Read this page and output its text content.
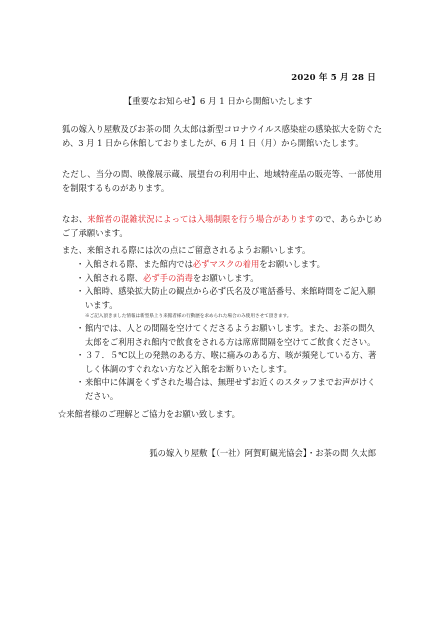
2020 年 5 月 28 日
【重要なお知らせ】6 月 1 日から開館いたします
狐の嫁入り屋敷及びお茶の間 久太郎は新型コロナウイルス感染症の感染拡大を防ぐため、3 月 1 日から休館しておりましたが、6 月 1 日（月）から開館いたします。
ただし、当分の間、映像展示蔵、展望台の利用中止、地域特産品の販売等、一部使用を制限するものがあります。
なお、来館者の混雑状況によっては入場制限を行う場合がありますので、あらかじめご了承願います。
また、来館される際には次の点にご留意されるようお願いします。
・ 入館される際、また館内では必ずマスクの着用をお願いします。
・ 入館される際、必ず手の消毒をお願いします。
・ 入館時、感染拡大防止の観点から必ず氏名及び電話番号、来館時間をご記入願います。
※ご記入頂きました情報は新型県上り来館者様の行動歴を求められた場合のみ使用させて頂きます。
・ 館内では、人との間隔を空けてくださるようお願いします。また、お茶の間久太郎をご利用され館内で飲食をされる方は席席間隔を空けてご飲食ください。
・ ３７．５℃以上の発熱のある方、喉に痛みのある方、咳が頻発している方、著しく体調のすぐれない方など入館をお断りいたします。
・ 来館中に体調をくずされた場合は、無理せずお近くのスタッフまでお声がけください。
☆来館者様のご理解とご協力をお願い致します。
狐の嫁入り屋敷【（一社）阿賀町観光協会】・お茶の間 久太郎
